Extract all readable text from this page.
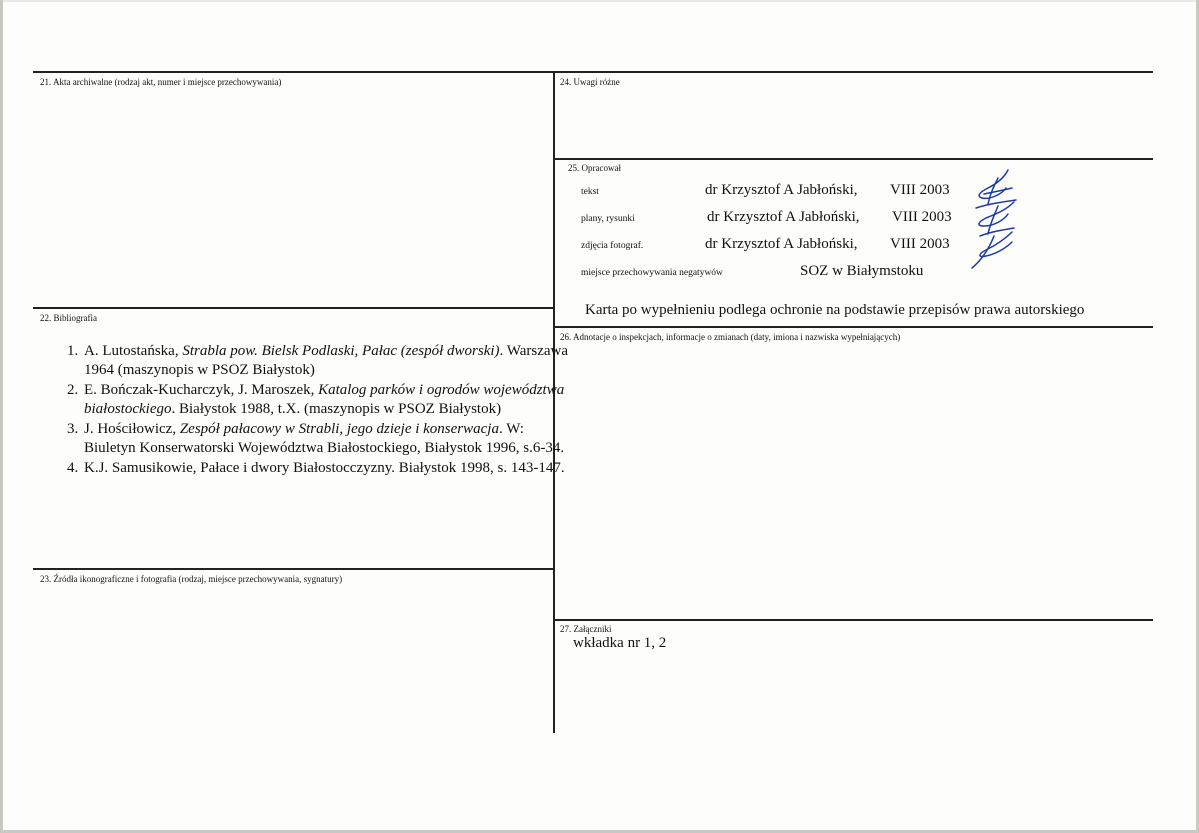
21. Akta archiwalne (rodzaj akt, numer i miejsce przechowywania)
22. Bibliografia
1. A. Lutostańska, Strabla pow. Bielsk Podlaski, Pałac (zespół dworski). Warszawa 1964 (maszynopis w PSOZ Białystok)
2. E. Bończak-Kucharczyk, J. Maroszek, Katalog parków i ogrodów województwa białostockiego. Białystok 1988, t.X. (maszynopis w PSOZ Białystok)
3. J. Hościłowicz, Zespół pałacowy w Strabli, jego dzieje i konserwacja. W: Biuletyn Konserwatorski Województwa Białostockiego, Białystok 1996, s.6-34.
4. K.J. Samusikowie, Pałace i dwory Białostocczyzny. Białystok 1998, s. 143-147.
23. Źródła ikonograficzne i fotografia (rodzaj, miejsce przechowywania, sygnatury)
24. Uwagi różne
25. Opracował
tekst	dr Krzysztof A Jabłoński, VIII 2003
plany, rysunki	dr Krzysztof A Jabłoński, VIII 2003
zdjęcia fotograf.	dr Krzysztof A Jabłoński, VIII 2003
miejsce przechowywania negatywów	SOZ w Białymstoku
Karta po wypełnieniu podlega ochronie na podstawie przepisów prawa autorskiego
26. Adnotacje o inspekcjach, informacje o zmianach (daty, imiona i nazwiska wypełniających)
27. Załączniki
wkładka nr 1, 2
